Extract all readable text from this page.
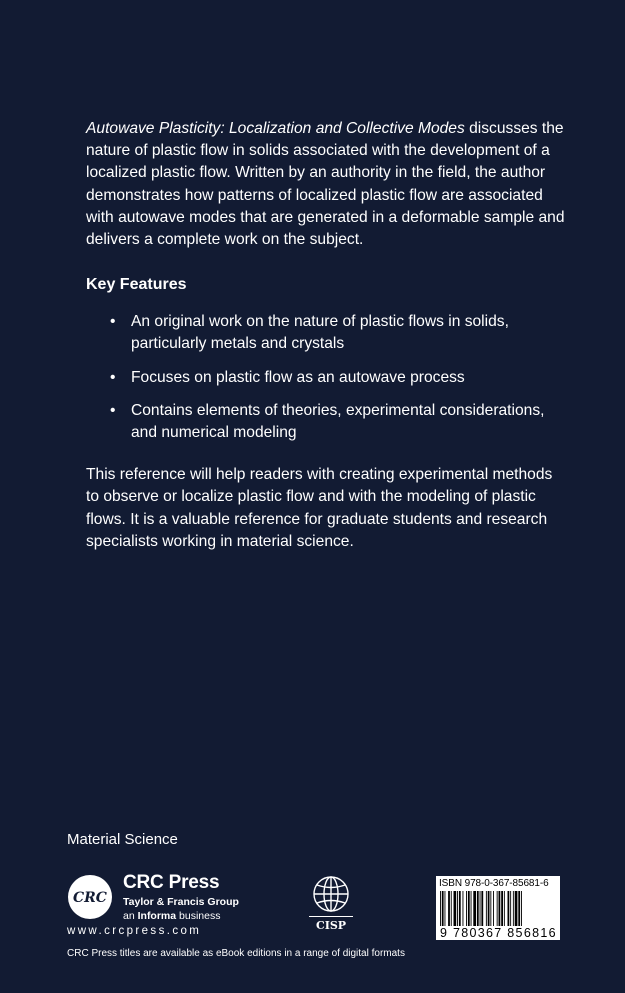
Autowave Plasticity: Localization and Collective Modes discusses the nature of plastic flow in solids associated with the development of a localized plastic flow. Written by an authority in the field, the author demonstrates how patterns of localized plastic flow are associated with autowave modes that are generated in a deformable sample and delivers a complete work on the subject.

Key Features
• An original work on the nature of plastic flows in solids, particularly metals and crystals
• Focuses on plastic flow as an autowave process
• Contains elements of theories, experimental considerations, and numerical modeling

This reference will help readers with creating experimental methods to observe or localize plastic flow and with the modeling of plastic flows. It is a valuable reference for graduate students and research specialists working in material science.

Material Science
CRC
CRC Press
Taylor & Francis Group
an Informa business
www.crcpress.com	CISP
ISBN 978-0-367-85681-6
9 780367 856816
CRC Press titles are available as eBook editions in a range of digital formats
